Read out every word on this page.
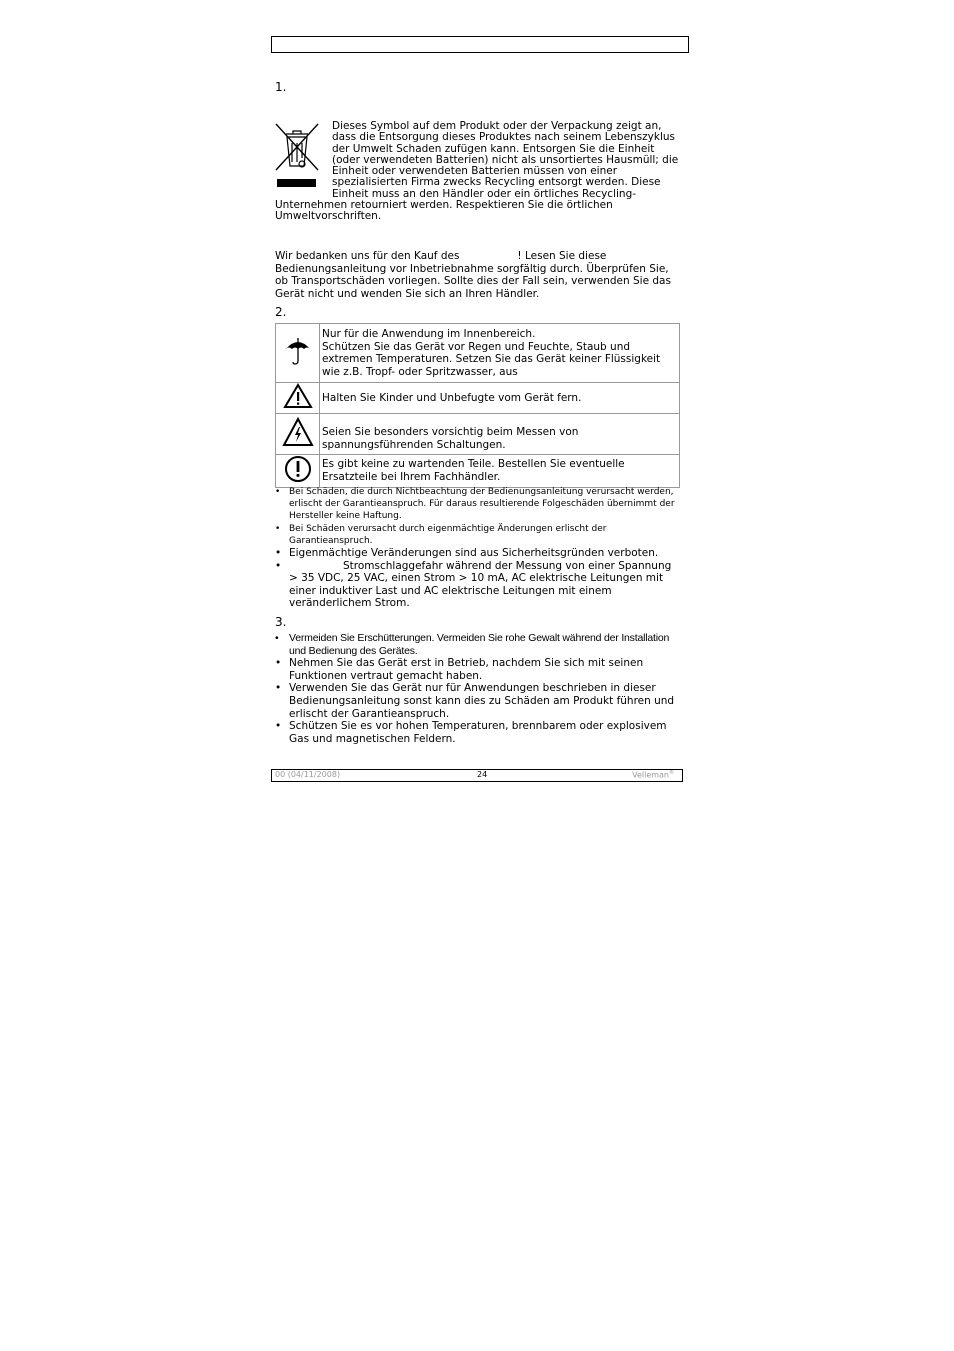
1.
Dieses Symbol auf dem Produkt oder der Verpackung zeigt an, dass die Entsorgung dieses Produktes nach seinem Lebenszyklus der Umwelt Schaden zufügen kann. Entsorgen Sie die Einheit (oder verwendeten Batterien) nicht als unsortiertes Hausmüll; die Einheit oder verwendeten Batterien müssen von einer spezialisierten Firma zwecks Recycling entsorgt werden. Diese Einheit muss an den Händler oder ein örtliches Recycling-Unternehmen retourniert werden. Respektieren Sie die örtlichen Umweltvorschriften.
Wir bedanken uns für den Kauf des	! Lesen Sie diese Bedienungsanleitung vor Inbetriebnahme sorgfältig durch. Überprüfen Sie, ob Transportschäden vorliegen. Sollte dies der Fall sein, verwenden Sie das Gerät nicht und wenden Sie sich an Ihren Händler.
2.

Nur für die Anwendung im Innenbereich.
Schützen Sie das Gerät vor Regen und Feuchte, Staub und extremen Temperaturen. Setzen Sie das Gerät keiner Flüssigkeit wie z.B. Tropf- oder Spritzwasser, aus

	Halten Sie Kinder und Unbefugte vom Gerät fern.
	Seien Sie besonders vorsichtig beim Messen von spannungsführenden Schaltungen.
	Es gibt keine zu wartenden Teile. Bestellen Sie eventuelle Ersatzteile bei Ihrem Fachhändler.
• Bei Schäden, die durch Nichtbeachtung der Bedienungsanleitung verursacht werden, erlischt der Garantieanspruch. Für daraus resultierende Folgeschäden übernimmt der Hersteller keine Haftung.
• Bei Schäden verursacht durch eigenmächtige Änderungen erlischt der Garantieanspruch.
• Eigenmächtige Veränderungen sind aus Sicherheitsgründen verboten.
• Stromschlaggefahr während der Messung von einer Spannung > 35 VDC, 25 VAC, einen Strom > 10 mA, AC elektrische Leitungen mit einer induktiver Last und AC elektrische Leitungen mit einem veränderlichem Strom.
3.
• Vermeiden Sie Erschütterungen. Vermeiden Sie rohe Gewalt während der Installation und Bedienung des Gerätes.
• Nehmen Sie das Gerät erst in Betrieb, nachdem Sie sich mit seinen Funktionen vertraut gemacht haben.
• Verwenden Sie das Gerät nur für Anwendungen beschrieben in dieser Bedienungsanleitung sonst kann dies zu Schäden am Produkt führen und erlischt der Garantieanspruch.
• Schützen Sie es vor hohen Temperaturen, brennbarem oder explosivem Gas und magnetischen Feldern.
00 (04/11/2008)	24	Velleman®
